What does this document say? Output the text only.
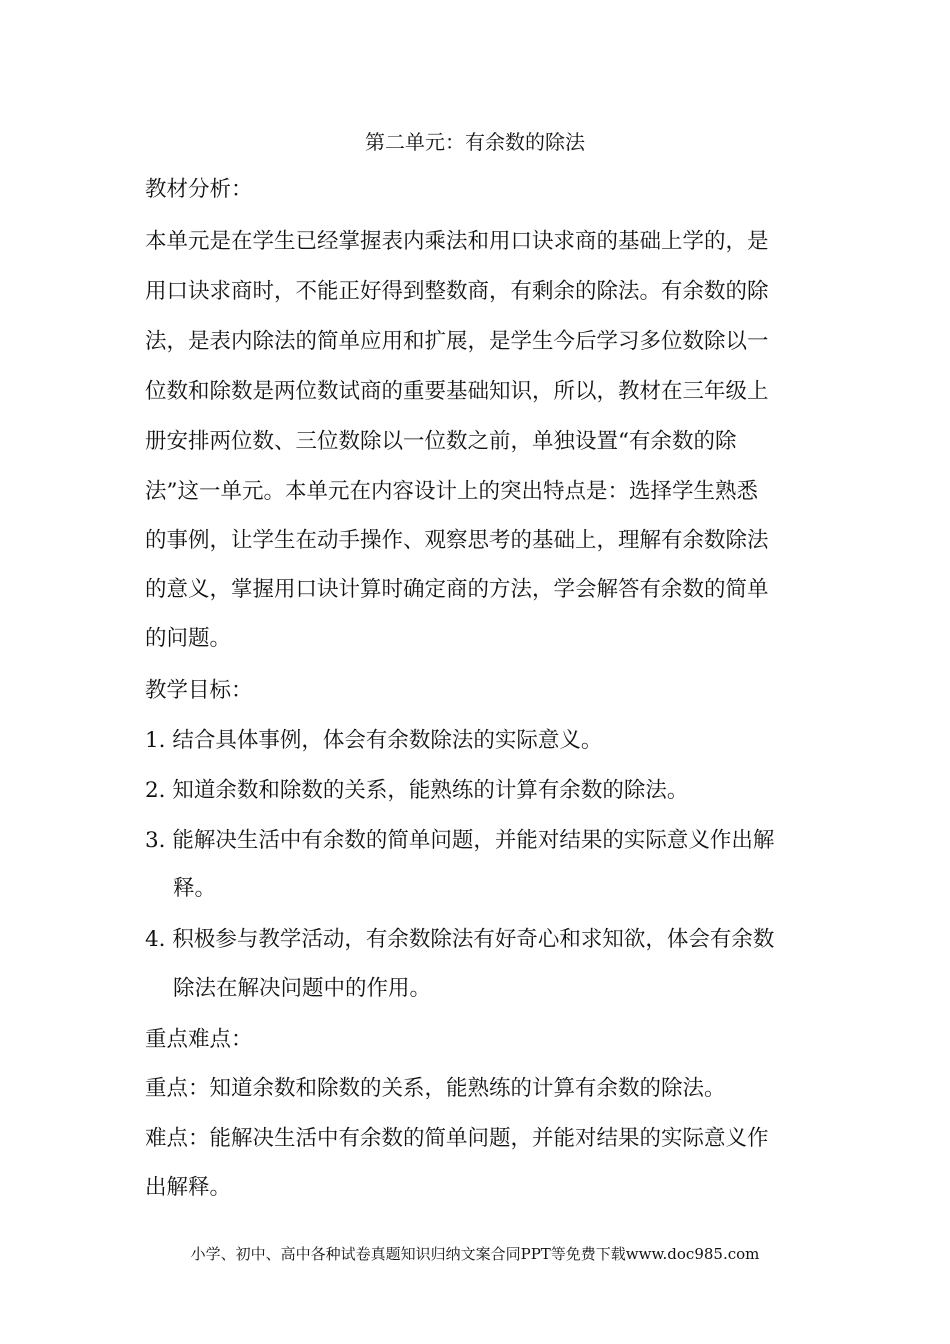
第二单元：有余数的除法
教材分析：
本单元是在学生已经掌握表内乘法和用口诀求商的基础上学的，是
用口诀求商时，不能正好得到整数商，有剩余的除法。有余数的除
法，是表内除法的简单应用和扩展，是学生今后学习多位数除以一
位数和除数是两位数试商的重要基础知识，所以，教材在三年级上
册安排两位数、三位数除以一位数之前，单独设置“有余数的除
法”这一单元。本单元在内容设计上的突出特点是：选择学生熟悉
的事例，让学生在动手操作、观察思考的基础上，理解有余数除法
的意义，掌握用口诀计算时确定商的方法，学会解答有余数的简单
的问题。
教学目标：
1. 结合具体事例，体会有余数除法的实际意义。
2. 知道余数和除数的关系，能熟练的计算有余数的除法。
3. 能解决生活中有余数的简单问题，并能对结果的实际意义作出解
释。
4. 积极参与教学活动，有余数除法有好奇心和求知欲，体会有余数
除法在解决问题中的作用。
重点难点：
重点：知道余数和除数的关系，能熟练的计算有余数的除法。
难点：能解决生活中有余数的简单问题，并能对结果的实际意义作
出解释。
小学、初中、高中各种试卷真题知识归纳文案合同PPT等免费下载www.doc985.com
